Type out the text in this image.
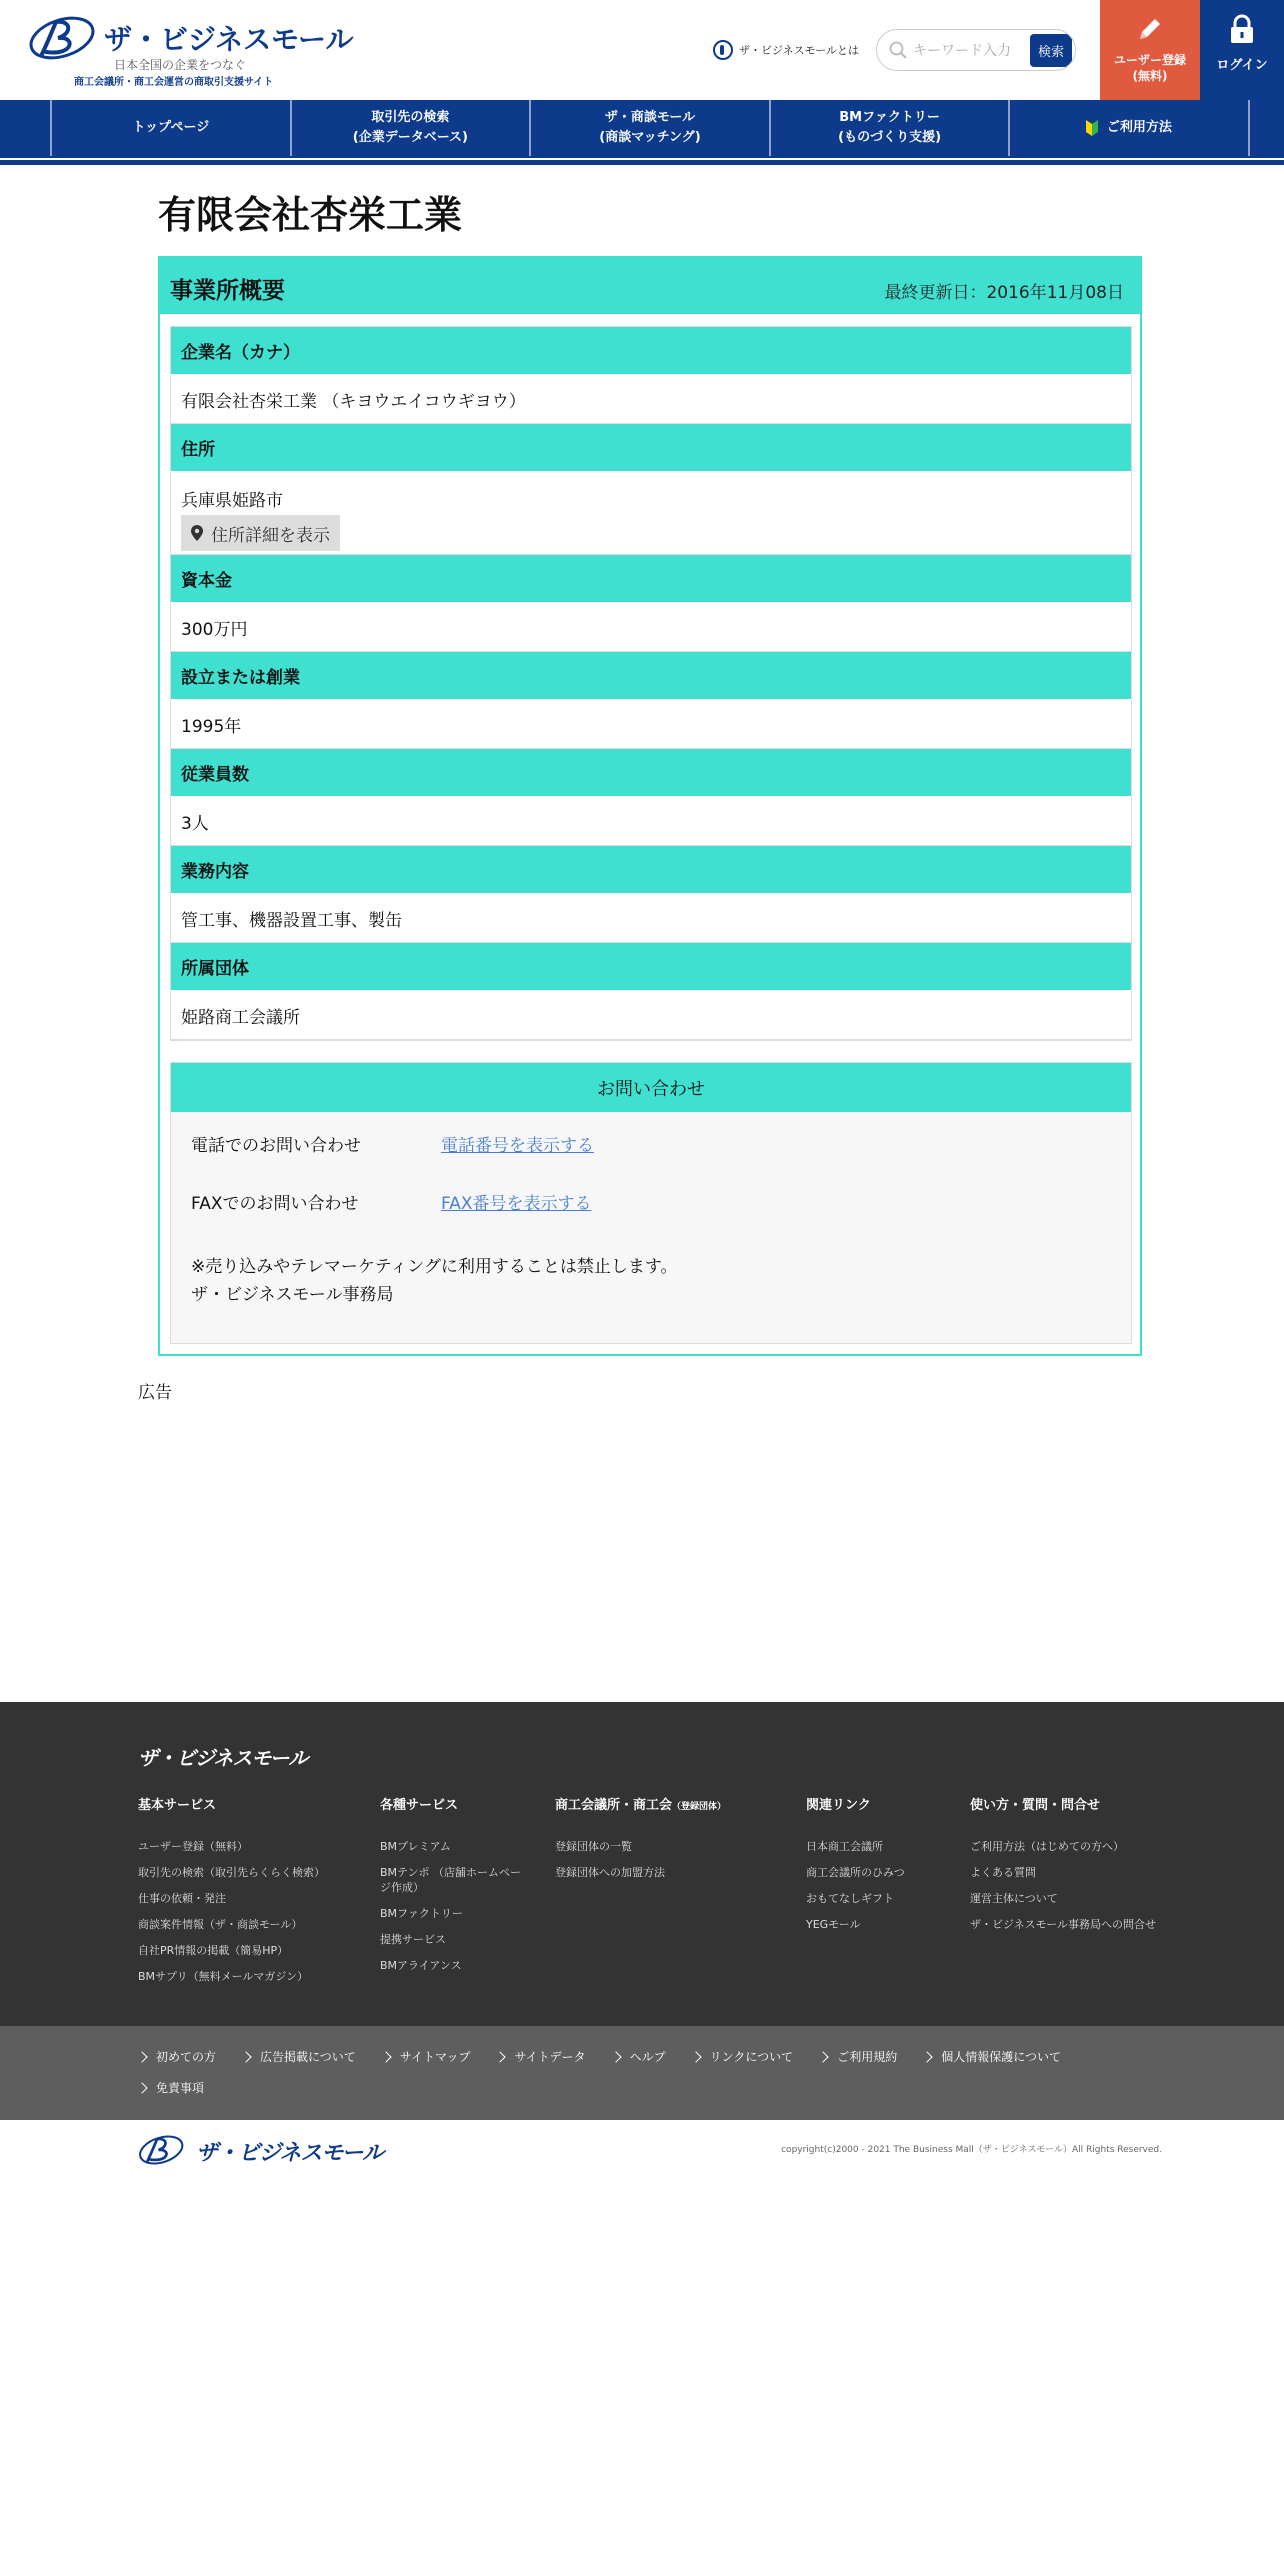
ザ・ビジネスモール
日本全国の企業をつなぐ
商工会議所・商工会運営の商取引支援サイト
ザ・ビジネスモールとは
キーワード入力	検索	ユーザー登録
(無料)
ログイン
トップページ
取引先の検索
(企業データベース)
ザ・商談モール
(商談マッチング)
BMファクトリー
(ものづくり支援)
ご利用方法
有限会社杏栄工業
事業所概要	最終更新日：2016年11月08日
企業名（カナ）
有限会社杏栄工業 （キヨウエイコウギヨウ）
住所
兵庫県姫路市
住所詳細を表示
資本金
300万円
設立または創業
1995年
従業員数
3人
業務内容
管工事、機器設置工事、製缶
所属団体
姫路商工会議所
お問い合わせ
電話でのお問い合わせ	電話番号を表示する
FAXでのお問い合わせ	FAX番号を表示する
※売り込みやテレマーケティングに利用することは禁止します。
ザ・ビジネスモール事務局
広告
ザ・ビジネスモール
基本サービス
ユーザー登録（無料）
取引先の検索（取引先らくらく検索）
仕事の依頼・発注
商談案件情報（ザ・商談モール）
自社PR情報の掲載（簡易HP）
BMサプリ（無料メールマガジン）
各種サービス
BMプレミアム
BMテンポ （店舗ホームページ作成）
BMファクトリー
提携サービス
BMアライアンス
商工会議所・商工会（登録団体）
登録団体の一覧
登録団体への加盟方法
関連リンク
日本商工会議所
商工会議所のひみつ
おもてなしギフト
YEGモール
使い方・質問・問合せ
ご利用方法（はじめての方へ）
よくある質問
運営主体について
ザ・ビジネスモール事務局への問合せ
初めての方	広告掲載について	サイトマップ	サイトデータ	ヘルプ	リンクについて	ご利用規約	個人情報保護について
免責事項
ザ・ビジネスモール	copyright(c)2000 - 2021 The Business Mall（ザ・ビジネスモール）All Rights Reserved.
